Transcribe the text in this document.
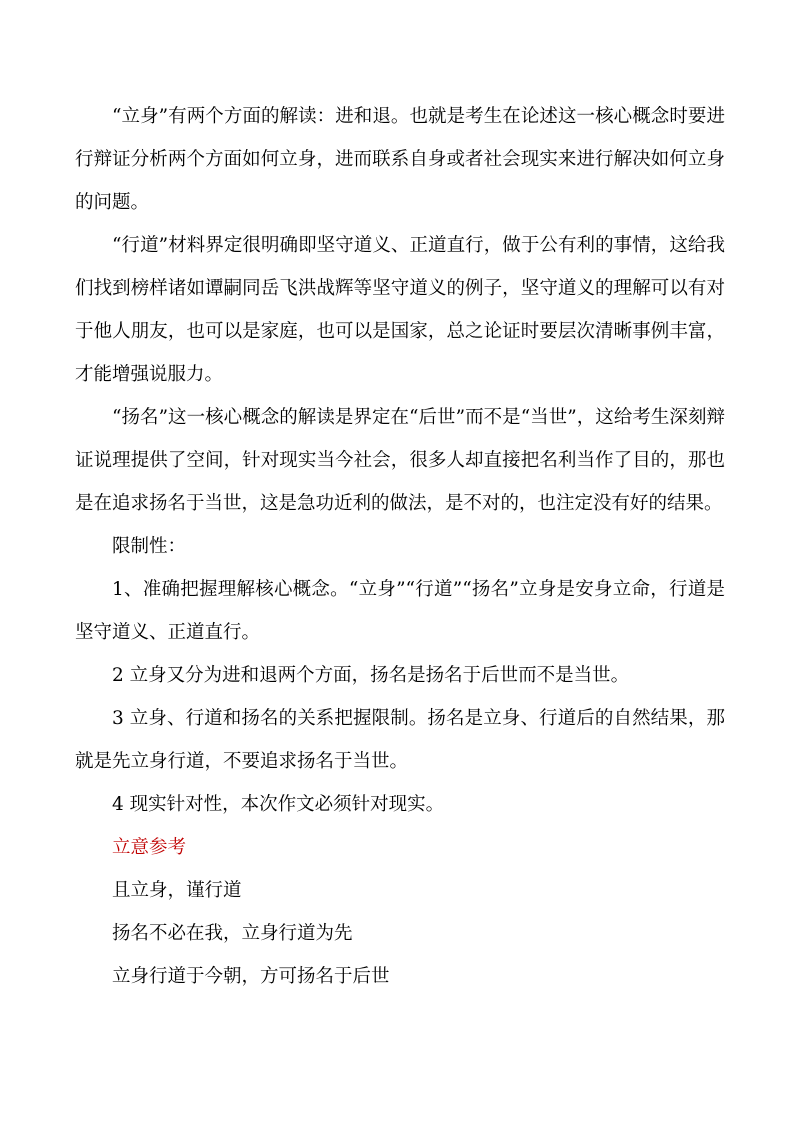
“立身”有两个方面的解读：进和退。也就是考生在论述这一核心概念时要进行辩证分析两个方面如何立身，进而联系自身或者社会现实来进行解决如何立身的问题。

“行道”材料界定很明确即坚守道义、正道直行，做于公有利的事情，这给我们找到榜样诸如谭嗣同岳飞洪战辉等坚守道义的例子，坚守道义的理解可以有对于他人朋友，也可以是家庭，也可以是国家，总之论证时要层次清晰事例丰富，才能增强说服力。

“扬名”这一核心概念的解读是界定在“后世”而不是“当世”，这给考生深刻辩证说理提供了空间，针对现实当今社会，很多人却直接把名利当作了目的，那也是在追求扬名于当世，这是急功近利的做法，是不对的，也注定没有好的结果。

限制性：

1、准确把握理解核心概念。“立身”“行道”“扬名”立身是安身立命，行道是坚守道义、正道直行。

2 立身又分为进和退两个方面，扬名是扬名于后世而不是当世。

3 立身、行道和扬名的关系把握限制。扬名是立身、行道后的自然结果，那就是先立身行道，不要追求扬名于当世。

4 现实针对性，本次作文必须针对现实。

立意参考

且立身，谨行道

扬名不必在我，立身行道为先

立身行道于今朝，方可扬名于后世
